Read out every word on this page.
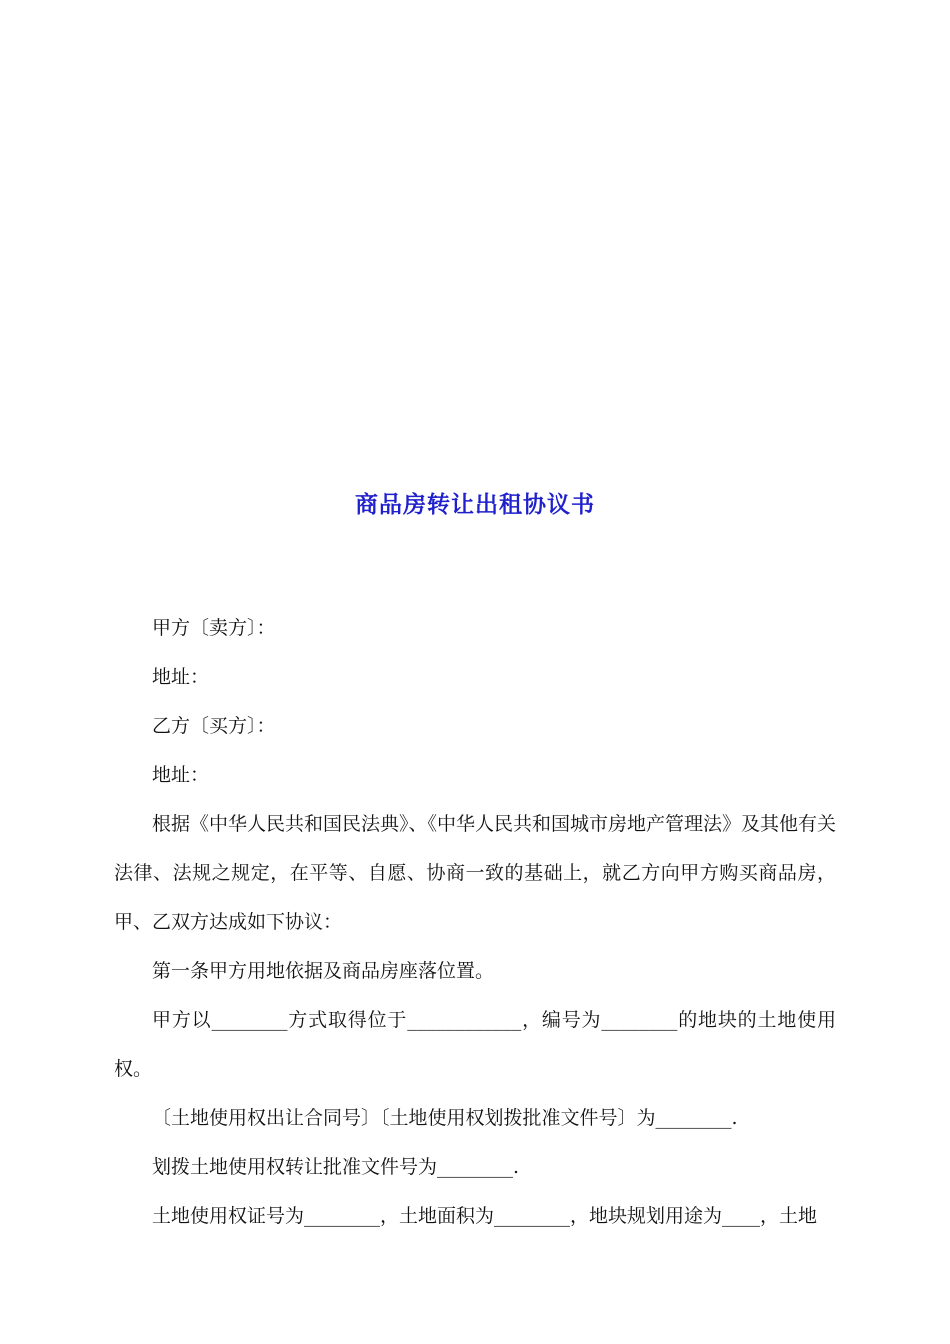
商品房转让出租协议书

甲方〔卖方〕：

地址：

乙方〔买方〕：

地址：

根据《中华人民共和国民法典》、《中华人民共和国城市房地产管理法》及其他有关法律、法规之规定，在平等、自愿、协商一致的基础上，就乙方向甲方购买商品房，甲、乙双方达成如下协议：

第一条甲方用地依据及商品房座落位置。

甲方以________方式取得位于____________，编号为________的地块的土地使用权。

〔土地使用权出让合同号〕〔土地使用权划拨批准文件号〕为________.

划拨土地使用权转让批准文件号为________.

土地使用权证号为________，土地面积为________，地块规划用途为____，土地
